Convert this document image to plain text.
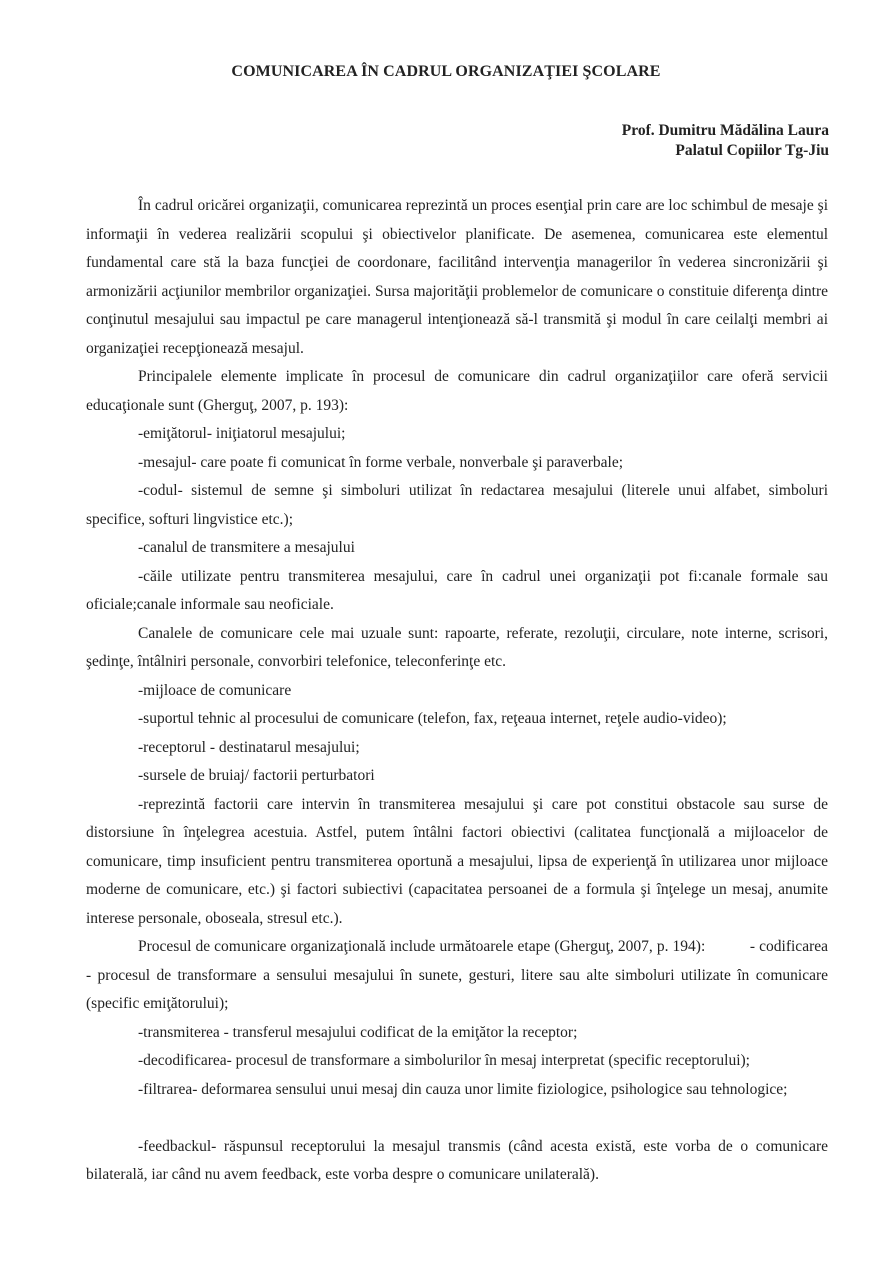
COMUNICAREA ÎN CADRUL ORGANIZAŢIEI ŞCOLARE
Prof. Dumitru Mădălina Laura
Palatul Copiilor Tg-Jiu

În cadrul oricărei organizaţii, comunicarea reprezintă un proces esenţial prin care are loc schimbul de mesaje şi informaţii în vederea realizării scopului şi obiectivelor planificate. De asemenea, comunicarea este elementul fundamental care stă la baza funcţiei de coordonare, facilitând intervenţia managerilor în vederea sincronizării şi armonizării acţiunilor membrilor organizaţiei. Sursa majorităţii problemelor de comunicare o constituie diferenţa dintre conţinutul mesajului sau impactul pe care managerul intenţionează să-l transmită şi modul în care ceilalţi membri ai organizaţiei recepţionează mesajul.

Principalele elemente implicate în procesul de comunicare din cadrul organizaţiilor care oferă servicii educaţionale sunt (Gherguţ, 2007, p. 193):

-emiţătorul- iniţiatorul mesajului;

-mesajul- care poate fi comunicat în forme verbale, nonverbale şi paraverbale;

-codul- sistemul de semne şi simboluri utilizat în redactarea mesajului (literele unui alfabet, simboluri specifice, softuri lingvistice etc.);

-canalul de transmitere a mesajului

-căile utilizate pentru transmiterea mesajului, care în cadrul unei organizaţii pot fi:canale formale sau oficiale;canale informale sau neoficiale.

Canalele de comunicare cele mai uzuale sunt: rapoarte, referate, rezoluţii, circulare, note interne, scrisori, şedinţe, întâlniri personale, convorbiri telefonice, teleconferinţe etc.

-mijloace de comunicare

-suportul tehnic al procesului de comunicare (telefon, fax, reţeaua internet, reţele audio-video);

-receptorul - destinatarul mesajului;

-sursele de bruiaj/ factorii perturbatori

-reprezintă factorii care intervin în transmiterea mesajului şi care pot constitui obstacole sau surse de distorsiune în înţelegrea acestuia. Astfel, putem întâlni factori obiectivi (calitatea funcţională a mijloacelor de comunicare, timp insuficient pentru transmiterea oportună a mesajului, lipsa de experienţă în utilizarea unor mijloace moderne de comunicare, etc.) şi factori subiectivi (capacitatea persoanei de a formula şi înţelege un mesaj, anumite interese personale, oboseala, stresul etc.).

Procesul de comunicare organizaţională include următoarele etape (Gherguţ, 2007, p. 194):           - codificarea - procesul de transformare a sensului mesajului în sunete, gesturi, litere sau alte simboluri utilizate în comunicare (specific emiţătorului);

-transmiterea - transferul mesajului codificat de la emiţător la receptor;

-decodificarea- procesul de transformare a simbolurilor în mesaj interpretat (specific receptorului);

-filtrarea- deformarea sensului unui mesaj din cauza unor limite fiziologice, psihologice sau tehnologice;

-feedbackul- răspunsul receptorului la mesajul transmis (când acesta există, este vorba de o comunicare bilaterală, iar când nu avem feedback, este vorba despre o comunicare unilaterală).
